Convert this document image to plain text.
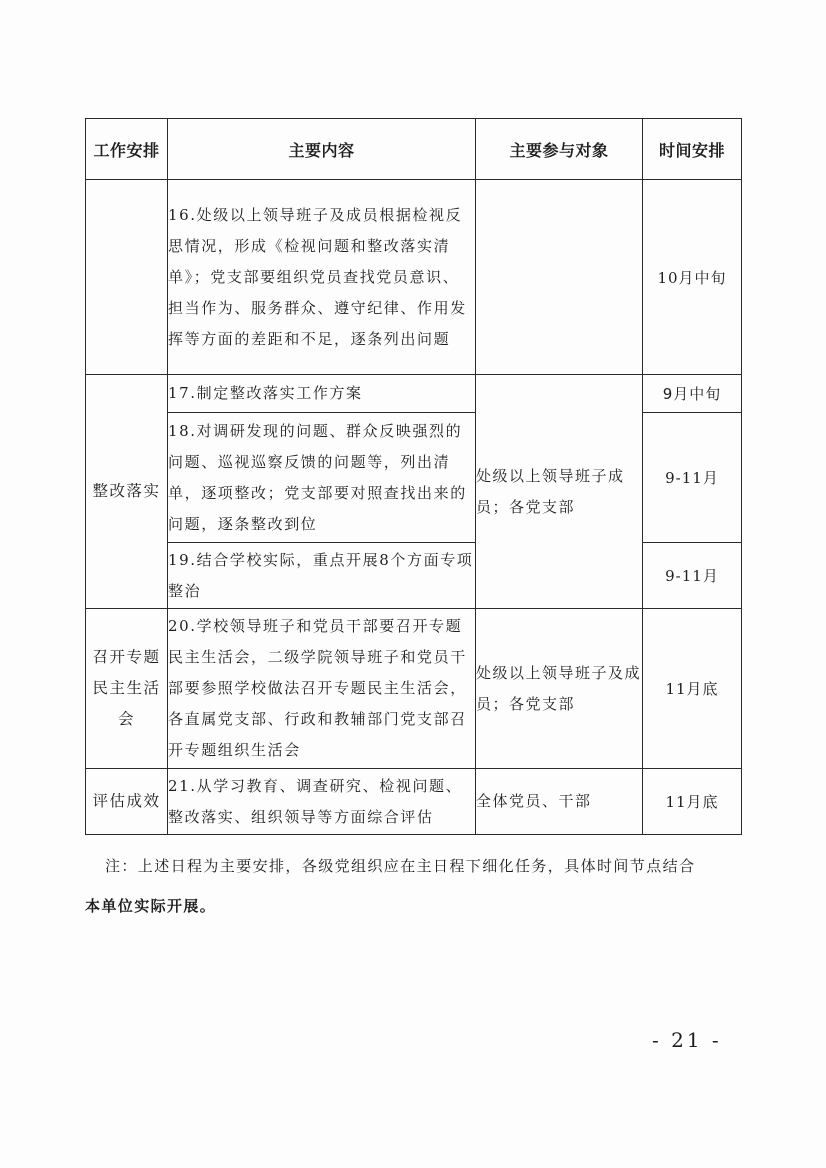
工作安排	主要内容	主要参与对象	时间安排
	16.处级以上领导班子及成员根据检视反思情况，形成《检视问题和整改落实清单》；党支部要组织党员查找党员意识、担当作为、服务群众、遵守纪律、作用发挥等方面的差距和不足，逐条列出问题		10月中旬
整改落实	17.制定整改落实工作方案	处级以上领导班子成员；各党支部	9月中旬
	18.对调研发现的问题、群众反映强烈的问题、巡视巡察反馈的问题等，列出清单，逐项整改；党支部要对照查找出来的问题，逐条整改到位		9-11月
	19.结合学校实际，重点开展8个方面专项整治		9-11月
召开专题民主生活会	20.学校领导班子和党员干部要召开专题民主生活会，二级学院领导班子和党员干部要参照学校做法召开专题民主生活会，各直属党支部、行政和教辅部门党支部召开专题组织生活会	处级以上领导班子及成员；各党支部	11月底
评估成效	21.从学习教育、调查研究、检视问题、整改落实、组织领导等方面综合评估	全体党员、干部	11月底
注：上述日程为主要安排，各级党组织应在主日程下细化任务，具体时间节点结合
本单位实际开展。
- 21 -
